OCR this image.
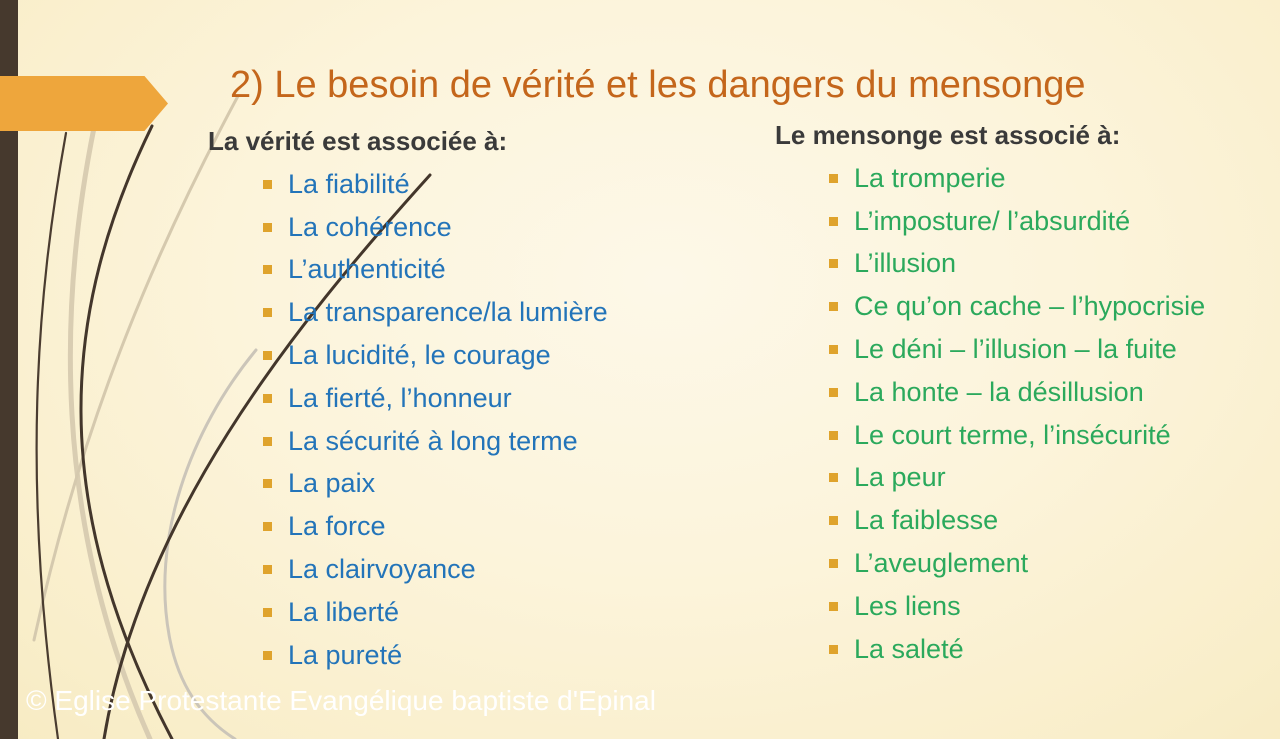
2) Le besoin de vérité et les dangers du mensonge
La vérité est associée à:	Le mensonge est associé à:
La fiabilité
La cohérence
L’authenticité
La transparence/la lumière
La lucidité, le courage
La fierté, l’honneur
La sécurité à long terme
La paix
La force
La clairvoyance
La liberté
La pureté
La tromperie
L’imposture/ l’absurdité
L’illusion
Ce qu’on cache – l’hypocrisie
Le déni – l’illusion – la fuite
La honte – la désillusion
Le court terme, l’insécurité
La peur
La faiblesse
L’aveuglement
Les liens
La saleté
© Eglise Protestante Evangélique baptiste d'Epinal
